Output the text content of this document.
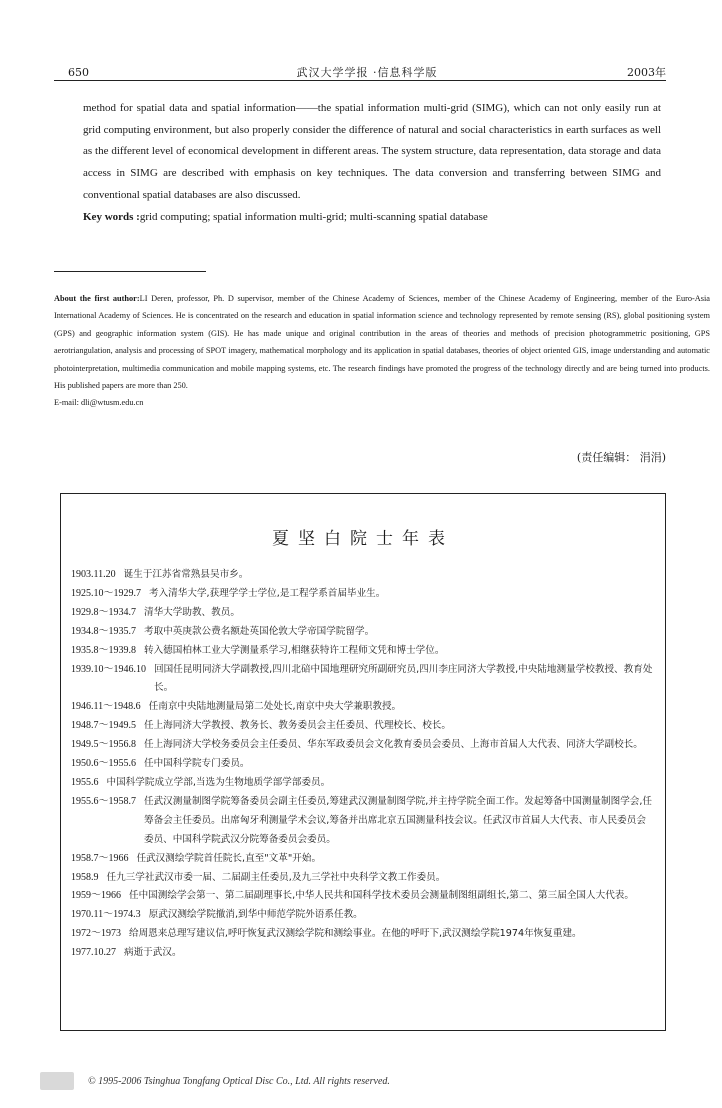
650	武汉大学学报 ·信息科学版	2003年

method for spatial data and spatial information——the spatial information multi-grid (SIMG), which can not only easily run at grid computing environment, but also properly consider the difference of natural and social characteristics in earth surfaces as well as the different level of economical development in different areas. The system structure, data representation, data storage and data access in SIMG are described with emphasis on key techniques. The data conversion and transferring between SIMG and conventional spatial databases are also discussed.

Key words :grid computing; spatial information multi-grid; multi-scanning spatial database

About the first author:LI Deren, professor, Ph. D supervisor, member of the Chinese Academy of Sciences, member of the Chinese Academy of Engineering, member of the Euro-Asia International Academy of Sciences. He is concentrated on the research and education in spatial information science and technology represented by remote sensing (RS), global positioning system (GPS) and geographic information system (GIS). He has made unique and original contribution in the areas of theories and methods of precision photogrammetric positioning, GPS aerotriangulation, analysis and processing of SPOT imagery, mathematical morphology and its application in spatial databases, theories of object oriented GIS, image understanding and automatic photointerpretation, multimedia communication and mobile mapping systems, etc. The research findings have promoted the progress of the technology directly and are being turned into products. His published papers are more than 250.

E-mail: dli@wtusm.edu.cn

(责任编辑： 涓涓)
夏坚白院士年表
1903.11.20 诞生于江苏省常熟县吴市乡。
1925.10～1929.7 考入清华大学,获理学学士学位,是工程学系首届毕业生。
1929.8～1934.7 清华大学助教、教员。
1934.8～1935.7 考取中英庚款公费名额赴英国伦敦大学帝国学院留学。
1935.8～1939.8 转入德国柏林工业大学测量系学习,相继获特许工程师文凭和博士学位。
1939.10～1946.10 回国任昆明同济大学副教授,四川北碚中国地理研究所副研究员,四川李庄同济大学教授,中央陆地测量学校教授、教育处长。
1946.11～1948.6 任南京中央陆地测量局第二处处长,南京中央大学兼职教授。
1948.7～1949.5 任上海同济大学教授、教务长、教务委员会主任委员、代理校长、校长。
1949.5～1956.8 任上海同济大学校务委员会主任委员、华东军政委员会文化教育委员会委员、上海市首届人大代表、同济大学副校长。
1950.6～1955.6 任中国科学院专门委员。
1955.6 中国科学院成立学部,当选为生物地质学部学部委员。
1955.6～1958.7 任武汉测量制图学院筹备委员会副主任委员,筹建武汉测量制图学院,并主持学院全面工作。发起筹备中国测量制图学会,任筹备会主任委员。出席匈牙利测量学术会议,筹备并出席北京五国测量科技会议。任武汉市首届人大代表、市人民委员会委员、中国科学院武汉分院筹备委员会委员。
1958.7～1966 任武汉测绘学院首任院长,直至"文革"开始。
1958.9 任九三学社武汉市委一届、二届副主任委员,及九三学社中央科学文教工作委员。
1959～1966 任中国测绘学会第一、第二届副理事长,中华人民共和国科学技术委员会测量制图组副组长,第二、第三届全国人大代表。
1970.11～1974.3 原武汉测绘学院撤消,到华中师范学院外语系任教。
1972～1973 给周恩来总理写建议信,呼吁恢复武汉测绘学院和测绘事业。在他的呼吁下,武汉测绘学院1974年恢复重建。
1977.10.27 病逝于武汉。
© 1995-2006 Tsinghua Tongfang Optical Disc Co., Ltd. All rights reserved.
